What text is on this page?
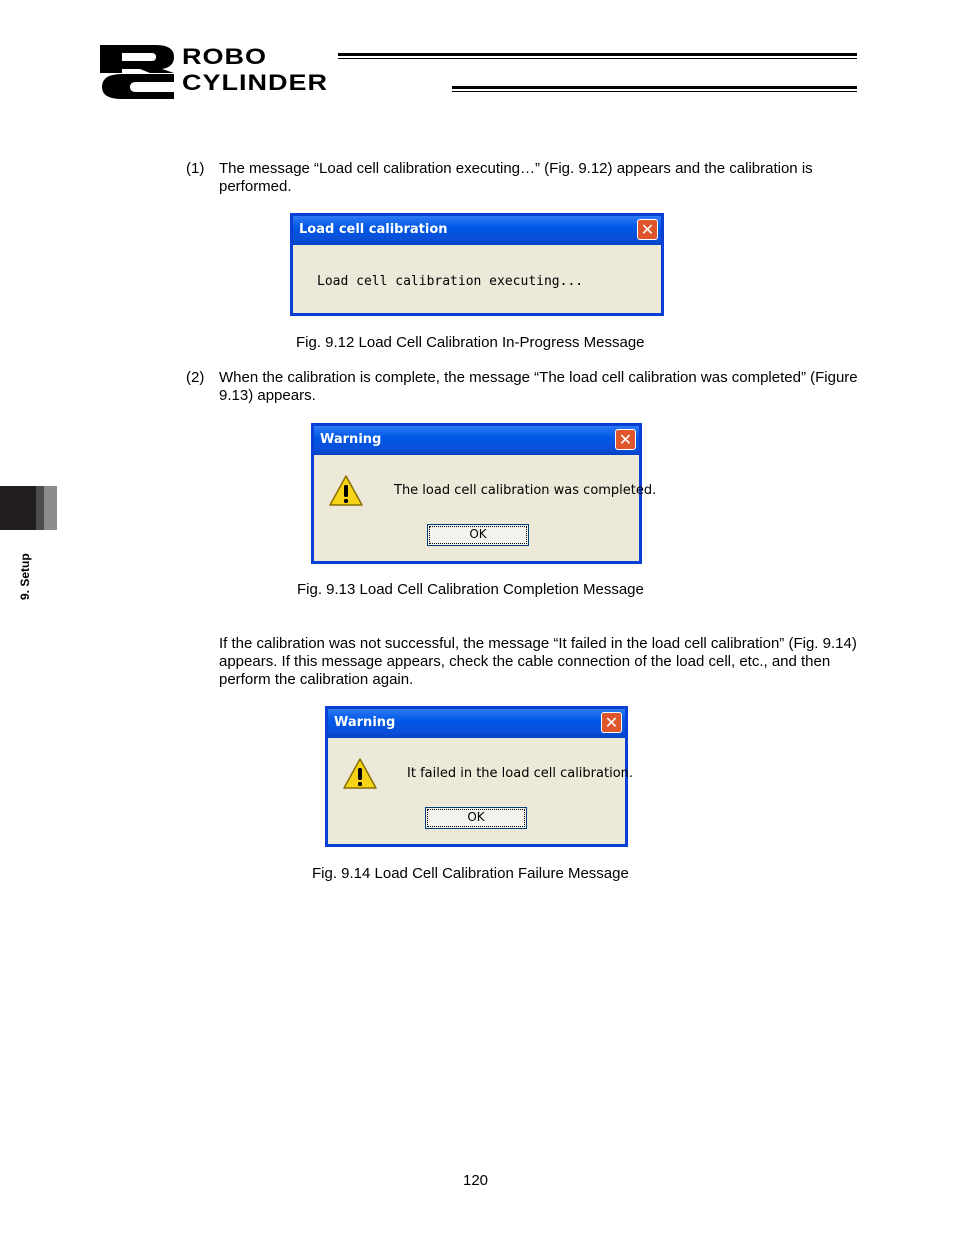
ROBO
CYLINDER
9. Setup
(1) The message “Load cell calibration executing…” (Fig. 9.12) appears and the calibration is performed.
Load cell calibration	✕
Load cell calibration executing...
Fig. 9.12 Load Cell Calibration In-Progress Message
(2) When the calibration is complete, the message “The load cell calibration was completed” (Figure 9.13) appears.
Warning	✕
The load cell calibration was completed.
OK
Fig. 9.13 Load Cell Calibration Completion Message
If the calibration was not successful, the message “It failed in the load cell calibration” (Fig. 9.14) appears. If this message appears, check the cable connection of the load cell, etc., and then perform the calibration again.
Warning	✕
It failed in the load cell calibration.
OK
Fig. 9.14 Load Cell Calibration Failure Message
120
